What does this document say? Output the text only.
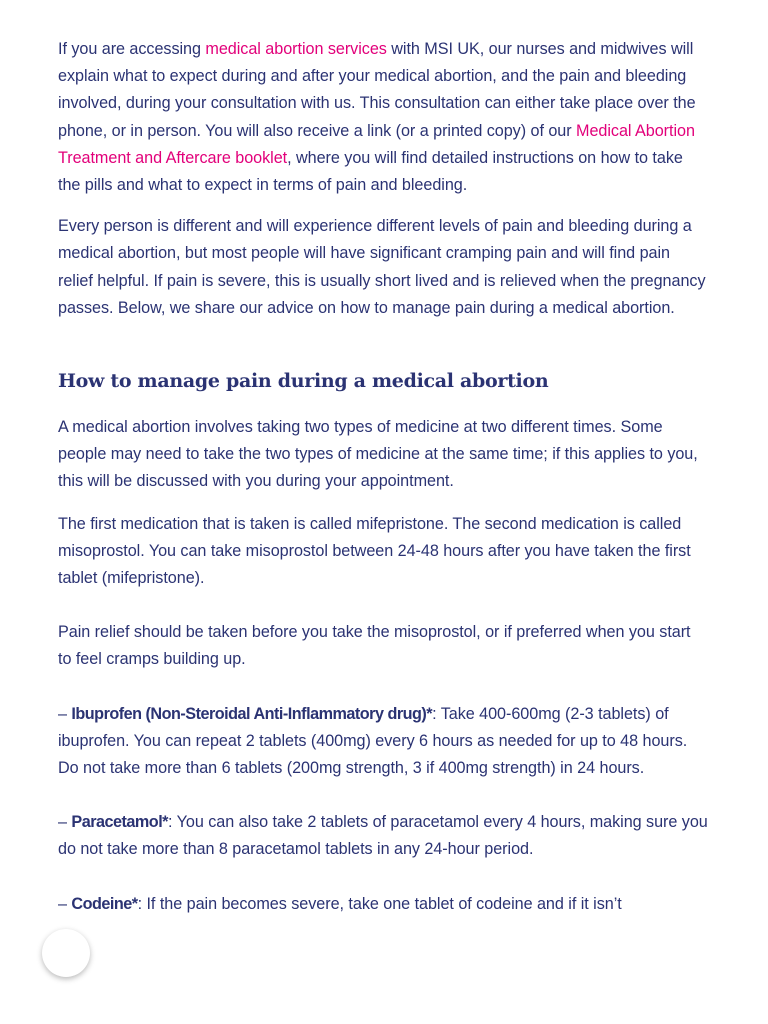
If you are accessing medical abortion services with MSI UK, our nurses and midwives will explain what to expect during and after your medical abortion, and the pain and bleeding involved, during your consultation with us. This consultation can either take place over the phone, or in person. You will also receive a link (or a printed copy) of our Medical Abortion Treatment and Aftercare booklet, where you will find detailed instructions on how to take the pills and what to expect in terms of pain and bleeding.

Every person is different and will experience different levels of pain and bleeding during a medical abortion, but most people will have significant cramping pain and will find pain relief helpful. If pain is severe, this is usually short lived and is relieved when the pregnancy passes. Below, we share our advice on how to manage pain during a medical abortion.

How to manage pain during a medical abortion

A medical abortion involves taking two types of medicine at two different times. Some people may need to take the two types of medicine at the same time; if this applies to you, this will be discussed with you during your appointment.

The first medication that is taken is called mifepristone. The second medication is called misoprostol. You can take misoprostol between 24-48 hours after you have taken the first tablet (mifepristone).

Pain relief should be taken before you take the misoprostol, or if preferred when you start to feel cramps building up.

– Ibuprofen (Non-Steroidal Anti-Inflammatory drug)*: Take 400-600mg (2-3 tablets) of ibuprofen. You can repeat 2 tablets (400mg) every 6 hours as needed for up to 48 hours. Do not take more than 6 tablets (200mg strength, 3 if 400mg strength) in 24 hours.

– Paracetamol*: You can also take 2 tablets of paracetamol every 4 hours, making sure you do not take more than 8 paracetamol tablets in any 24-hour period.

– Codeine*: If the pain becomes severe, take one tablet of codeine and if it isn’t
